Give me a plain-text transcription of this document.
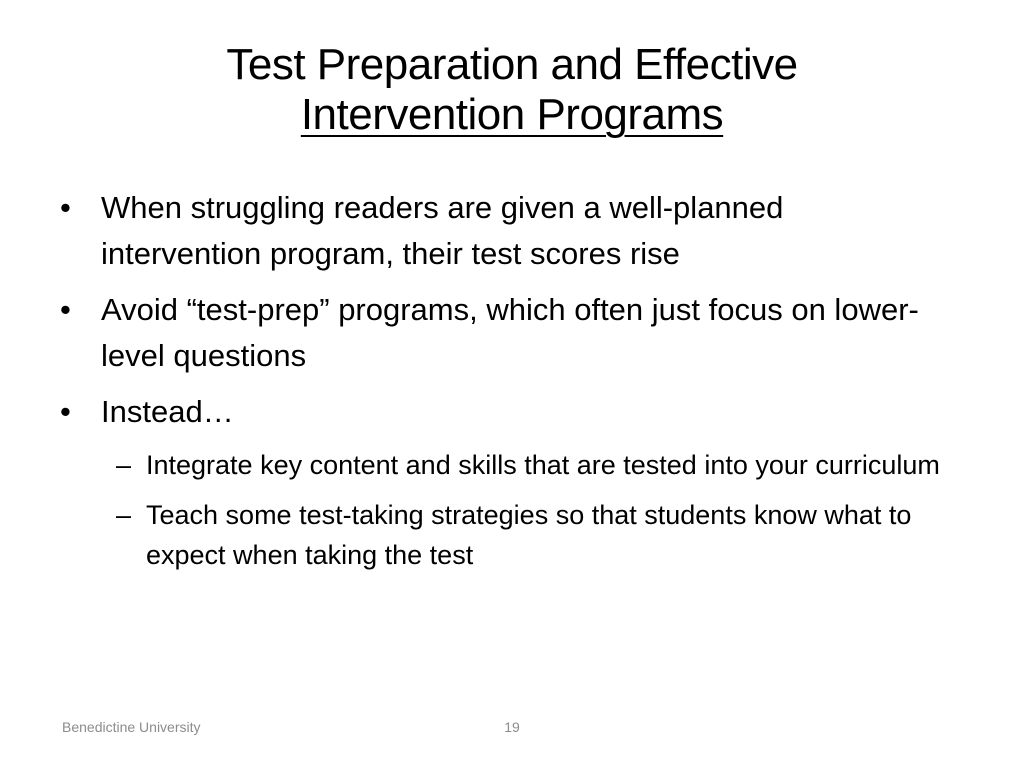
Test Preparation and Effective
Intervention Programs
• When struggling readers are given a well-planned intervention program, their test scores rise
• Avoid “test-prep” programs, which often just focus on lower-level questions
• Instead…
– Integrate key content and skills that are tested into your curriculum
– Teach some test-taking strategies so that students know what to expect when taking the test
Benedictine University	19
